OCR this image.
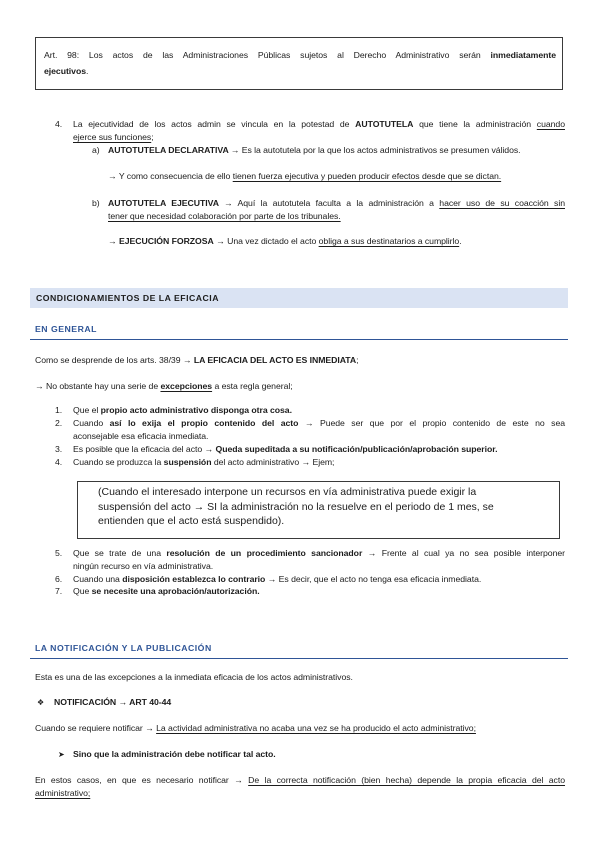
Art. 98: Los actos de las Administraciones Públicas sujetos al Derecho Administrativo serán inmediatamente
ejecutivos.
4. La ejecutividad de los actos admin se vincula en la potestad de AUTOTUTELA que tiene la administración cuando
ejerce sus funciones;
a) AUTOTUTELA DECLARATIVA → Es la autotutela por la que los actos administrativos se presumen válidos.
→ Y como consecuencia de ello tienen fuerza ejecutiva y pueden producir efectos desde que se dictan.
b) AUTOTUTELA EJECUTIVA → Aquí la autotutela faculta a la administración a hacer uso de su coacción sin
tener que necesidad colaboración por parte de los tribunales.
→ EJECUCIÓN FORZOSA → Una vez dictado el acto obliga a sus destinatarios a cumplirlo.
CONDICIONAMIENTOS DE LA EFICACIA
EN GENERAL
Como se desprende de los arts. 38/39 → LA EFICACIA DEL ACTO ES INMEDIATA;
→ No obstante hay una serie de excepciones a esta regla general;
1. Que el propio acto administrativo disponga otra cosa.
2. Cuando así lo exija el propio contenido del acto → Puede ser que por el propio contenido de este no sea
aconsejable esa eficacia inmediata.
3. Es posible que la eficacia del acto → Queda supeditada a su notificación/publicación/aprobación superior.
4. Cuando se produzca la suspensión del acto administrativo → Ejem;
(Cuando el interesado interpone un recursos en vía administrativa puede exigir la
suspensión del acto → SI la administración no la resuelve en el periodo de 1 mes, se
entienden que el acto está suspendido).
5. Que se trate de una resolución de un procedimiento sancionador → Frente al cual ya no sea posible interponer
ningún recurso en vía administrativa.
6. Cuando una disposición establezca lo contrario → Es decir, que el acto no tenga esa eficacia inmediata.
7. Que se necesite una aprobación/autorización.
LA NOTIFICACIÓN Y LA PUBLICACIÓN
Esta es una de las excepciones a la inmediata eficacia de los actos administrativos.
❖ NOTIFICACIÓN → ART 40-44
Cuando se requiere notificar → La actividad administrativa no acaba una vez se ha producido el acto administrativo;
➤ Sino que la administración debe notificar tal acto.
En estos casos, en que es necesario notificar → De la correcta notificación (bien hecha) depende la propia eficacia del acto
administrativo;
